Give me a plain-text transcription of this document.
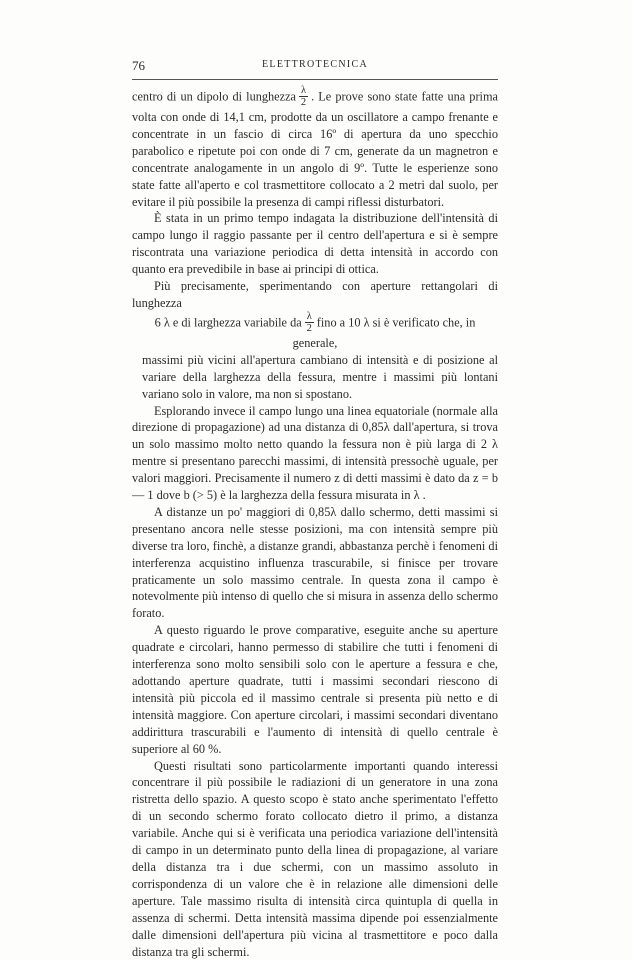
76	ELETTROTECNICA

centro di un dipolo di lunghezza $\frac{\lambda}{2}$ . Le prove sono state fatte una prima volta con onde di 14,1 cm, prodotte da un oscillatore a campo frenante e concentrate in un fascio di circa 16º di apertura da uno specchio parabolico e ripetute poi con onde di 7 cm, generate da un magnetron e concentrate analogamente in un angolo di 9º. Tutte le esperienze sono state fatte all'aperto e col trasmettitore collocato a 2 metri dal suolo, per evitare il più possibile la presenza di campi riflessi disturbatori.

È stata in un primo tempo indagata la distribuzione dell'intensità di campo lungo il raggio passante per il centro dell'apertura e si è sempre riscontrata una variazione periodica di detta intensità in accordo con quanto era prevedibile in base ai principi di ottica.

Più precisamente, sperimentando con aperture rettangolari di lunghezza

6 λ e di larghezza variabile da $\frac{\lambda}{2}$ fino a 10 λ si è verificato che, in generale,

massimi più vicini all'apertura cambiano di intensità e di posizione al variare della larghezza della fessura, mentre i massimi più lontani variano solo in valore, ma non si spostano.

Esplorando invece il campo lungo una linea equatoriale (normale alla direzione di propagazione) ad una distanza di 0,85λ dall'apertura, si trova un solo massimo molto netto quando la fessura non è più larga di 2 λ mentre si presentano parecchi massimi, di intensità pressochè uguale, per valori maggiori. Precisamente il numero z di detti massimi è dato da z = b — 1 dove b (> 5) è la larghezza della fessura misurata in λ .

A distanze un po' maggiori di 0,85λ dallo schermo, detti massimi si presentano ancora nelle stesse posizioni, ma con intensità sempre più diverse tra loro, finchè, a distanze grandi, abbastanza perchè i fenomeni di interferenza acquistino influenza trascurabile, si finisce per trovare praticamente un solo massimo centrale. In questa zona il campo è notevolmente più intenso di quello che si misura in assenza dello schermo forato.

A questo riguardo le prove comparative, eseguite anche su aperture quadrate e circolari, hanno permesso di stabilire che tutti i fenomeni di interferenza sono molto sensibili solo con le aperture a fessura e che, adottando aperture quadrate, tutti i massimi secondari riescono di intensità più piccola ed il massimo centrale si presenta più netto e di intensità maggiore. Con aperture circolari, i massimi secondari diventano addirittura trascurabili e l'aumento di intensità di quello centrale è superiore al 60 %.

Questi risultati sono particolarmente importanti quando interessi concentrare il più possibile le radiazioni di un generatore in una zona ristretta dello spazio. A questo scopo è stato anche sperimentato l'effetto di un secondo schermo forato collocato dietro il primo, a distanza variabile. Anche qui si è verificata una periodica variazione dell'intensità di campo in un determinato punto della linea di propagazione, al variare della distanza tra i due schermi, con un massimo assoluto in corrispondenza di un valore che è in relazione alle dimensioni delle aperture. Tale massimo risulta di intensità circa quintupla di quella in assenza di schermi. Detta intensità massima dipende poi essenzialmente dalle dimensioni dell'apertura più vicina al trasmettitore e poco dalla distanza tra gli schermi.
